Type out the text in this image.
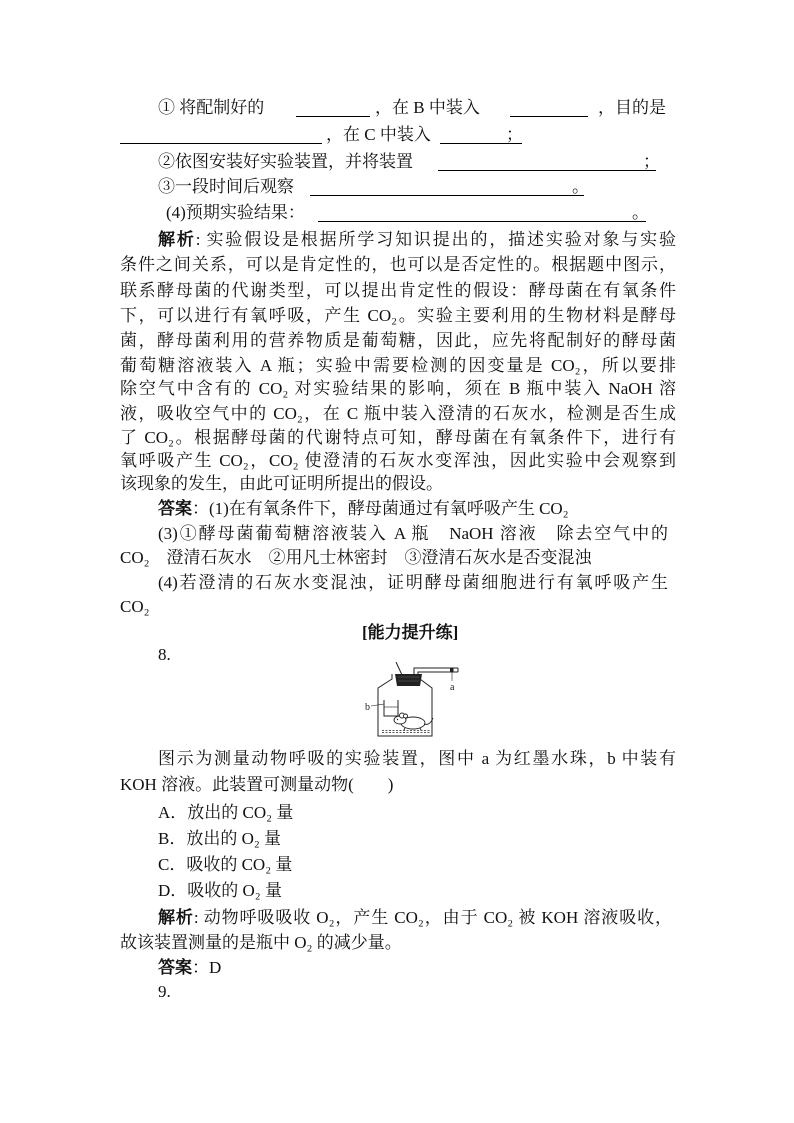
① 将配制好的	，在 B 中装入	，目的是
，在 C 中装入	；
②依图安装好实验装置，并将装置	；
③一段时间后观察	。
(4)预期实验结果：	。
解析: 实验假设是根据所学习知识提出的，描述实验对象与实验
条件之间关系，可以是肯定性的，也可以是否定性的。根据题中图示，
联系酵母菌的代谢类型，可以提出肯定性的假设：酵母菌在有氧条件
下，可以进行有氧呼吸，产生 CO₂。实验主要利用的生物材料是酵母
菌，酵母菌利用的营养物质是葡萄糖，因此，应先将配制好的酵母菌
葡萄糖溶液装入 A 瓶；实验中需要检测的因变量是 CO₂，所以要排
除空气中含有的 CO₂ 对实验结果的影响，须在 B 瓶中装入 NaOH 溶
液，吸收空气中的 CO₂，在 C 瓶中装入澄清的石灰水，检测是否生成
了 CO₂。根据酵母菌的代谢特点可知，酵母菌在有氧条件下，进行有
氧呼吸产生 CO₂，CO₂ 使澄清的石灰水变浑浊，因此实验中会观察到
该现象的发生，由此可证明所提出的假设。
答案：(1)在有氧条件下，酵母菌通过有氧呼吸产生 CO₂
(3)①酵母菌葡萄糖溶液装入 A 瓶　NaOH 溶液　除去空气中的
CO₂　澄清石灰水　②用凡士林密封　③澄清石灰水是否变混浊
(4)若澄清的石灰水变混浊，证明酵母菌细胞进行有氧呼吸产生
CO₂
[能力提升练]
8.
a
b
图示为测量动物呼吸的实验装置，图中 a 为红墨水珠，b 中装有
KOH 溶液。此装置可测量动物(　　)
A．放出的 CO₂ 量
B．放出的 O₂ 量
C．吸收的 CO₂ 量
D．吸收的 O₂ 量
解析: 动物呼吸吸收 O₂，产生 CO₂，由于 CO₂ 被 KOH 溶液吸收，
故该装置测量的是瓶中 O₂ 的减少量。
答案：D
9.
